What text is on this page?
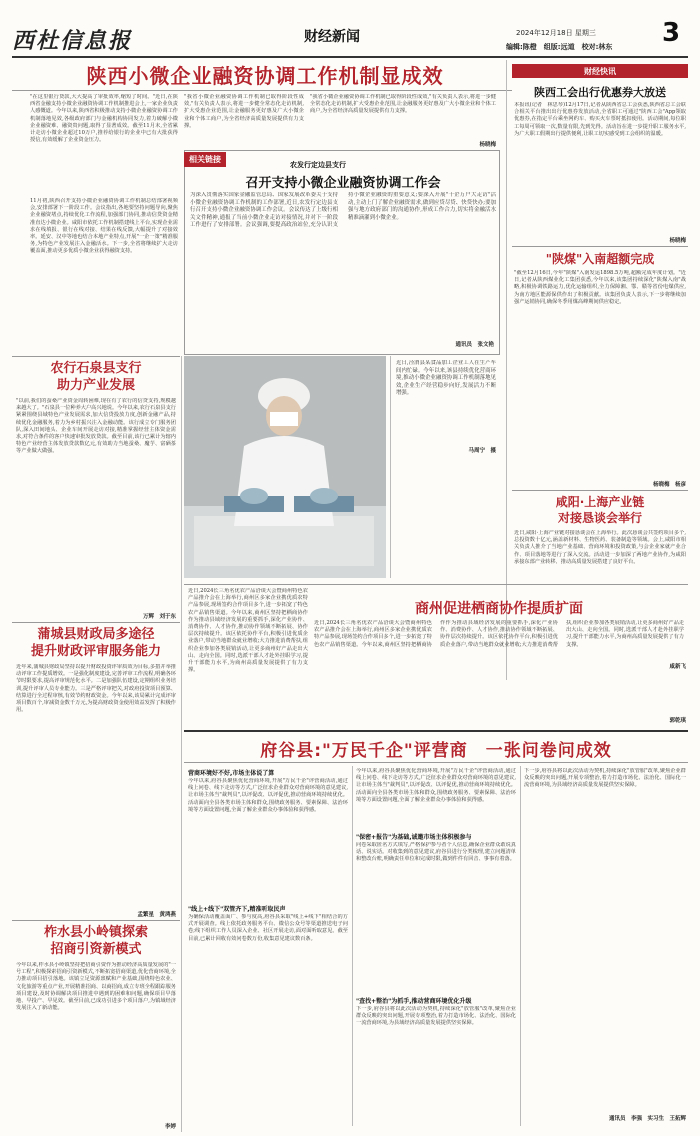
西杜信息报	财经新闻	2024年12月18日 星期三	3
编辑:陈橙　组版:远道　校对:林东
陕西小微企业融资协调工作机制显成效
"在这里银行贷款,大大提高了审批效率,缩短了时间。"近日,在陕西省金融支持小微企业融资协调工作机制推进会上,一家企业负责人感慨道。今年以来,陕西省积极推动支持小微企业融资协调工作机制落地见效,各级政府部门与金融机构协同发力,着力破解小微企业融资难、融资贵问题,取得了显著成效。截至11月末,全省累计走访小微企业超过10万户,推荐给银行的企业中已有大批获得授信,有效缓解了企业资金压力。
11月初,陕西召开支持小微企业融资协调工作机制总结部署视频会,安排部署下一阶段工作。会议指出,各地要坚持问题导向,聚焦企业融资堵点,持续优化工作流程,加强部门协同,推动信贷资金精准直达小微企业。咸阳市依托工作机制搭建线上平台,实现企业需求在线填报、银行在线对接、结果在线反馈,大幅提升了对接效率。延安、汉中等地也结合本地产业特点,开展"一企一策"精准服务,为特色产业发展注入金融活水。下一步,全省将继续扩大走访覆盖面,推动更多优质小微企业获得融资支持。
"我省小微企业融资协调工作机制已取得阶段性成效,"有关负责人表示,将进一步健全常态化走访机制,扩大受惠企业范围,让金融服务更好惠及广大小微企业和个体工商户,为全省经济高质量发展提供有力支撑。
"我省小微企业融资协调工作机制已取得阶段性成效,"有关负责人表示,将进一步健全常态化走访机制,扩大受惠企业范围,让金融服务更好惠及广大小微企业和个体工商户,为全省经济高质量发展提供有力支撑。
杨晓梅
相关链接
农发行定边县支行
召开支持小微企业融资协调工作会
为深入贯彻落实国家金融监管总局、国家发展改革委关于支持小微企业融资协调工作机制的工作部署,近日,农发行定边县支行召开支持小微企业融资协调工作会议。会议传达了上级行相关文件精神,通报了当前小微企业走访对接情况,并对下一阶段工作进行了安排部署。会议强调,要提高政治站位,充分认识支持小微企业融资的重要意义;要深入开展"千企万户大走访"活动,主动上门了解企业融资需求,做到应贷尽贷、快贷快办;要加强与地方政府部门的沟通协作,形成工作合力,切实将金融活水精准滴灌到小微企业。
通讯员　张文艳
近日,泾渭县某食品加工企业工人在生产车间内忙碌。今年以来,该县持续优化营商环境,推动小微企业融资协调工作机制落地见效,企业生产经营稳步向好,发展活力不断增强。
马周宁　摄
农行石泉县支行
助力产业发展
"以前,我们的蚕桑产业资金周转困难,现在有了农行的信贷支持,规模越来越大了。"石泉县一位种养大户高兴地说。今年以来,农行石泉县支行紧紧围绕县域特色产业发展需求,加大信贷投放力度,创新金融产品,持续优化金融服务,着力为乡村振兴注入金融动能。该行成立专门服务团队,深入田间地头、企业车间开展走访对接,精准掌握经营主体资金需求,对符合条件的客户快速审批发放贷款。截至目前,该行已累计为辖内特色产业经营主体发放贷款数亿元,有效助力当地蚕桑、魔芋、富硒茶等产业做大做强。
万辉　刘于东
蒲城县财政局多途径
提升财政评审服务能力
近年来,蒲城县财政局坚持以提升财政投资评审质效为目标,多措并举推动评审工作提质增效。一是强化制度建设,完善评审工作流程,明确各环节时限要求,提高评审规范化水平。二是加强队伍建设,定期组织业务培训,提升评审人员专业能力。三是严格评审把关,对政府投资项目预算、结算进行全过程审核,有效节约财政资金。今年以来,该局累计完成评审项目数百个,审减资金数千万元,为提高财政资金使用效益发挥了积极作用。
孟繁星　黄鸿燕
柞水县小岭镇探索
招商引资新模式
今年以来,柞水县小岭镇坚持把招商引资作为推动经济高质量发展的"一号工程",积极探索招商引资新模式,不断拓宽招商渠道,优化营商环境,全力推动项目招引落地。该镇立足资源禀赋和产业基础,围绕特色农业、文化旅游等重点产业,开展精准招商、以商招商,成立专班全程跟踪服务项目建设,及时协调解决项目推进中遇到的困难和问题,确保项目早落地、早投产、早见效。截至目前,已成功引进多个项目落户,为镇域经济发展注入了新动能。
李婷
财经快讯
陕西工会出行优惠券大放送
本报讯(记者　林思琴)12月17日,记者从陕西省总工会获悉,陕西省总工会联合相关平台推出出行优惠券发放活动,全省职工可通过"陕西工会"App领取优惠券,在指定平台乘坐网约车、购买火车票时抵扣使用。活动期间,每位职工每周可领取一次,数量有限,先到先得。活动旨在进一步提升职工服务水平,为广大职工假期出行提供便利,让职工切实感受到工会组织的温暖。
杨晓梅
"陕煤"入南超额完成
"截至12月16日,今年"陕煤"入南发运1898.5万吨,超额完成年度计划。"近日,记者从陕西煤业化工集团获悉,今年以来,该集团持续深化"陕煤入南"战略,积极协调铁路运力,优化运输组织,全力保障湘、鄂、赣等省份电煤供应,为南方地区能源保供作出了积极贡献。该集团负责人表示,下一步将继续加强产运销协同,确保冬季用煤高峰期间供应稳定。
杨晓梅　杨彦
咸阳·上海产业链
对接恳谈会举行
近日,咸阳·上海产业链对接恳谈会在上海举行。此次恳谈会共签约项目多个,总投资数十亿元,涵盖新材料、生物医药、装备制造等领域。会上,咸阳市相关负责人推介了当地产业基础、营商环境和投资政策,与会企业家就产业合作、项目落地等进行了深入交流。活动进一步加深了两地产业协作,为咸阳承接东部产业转移、推动高质量发展搭建了良好平台。
咸新飞
近日,2024长三角名优农产品洽谈大会暨商州特色农产品推介会在上海举行,商州区多家企业携优质农特产品参展,现场签约合作项目多个,进一步拓宽了特色农产品销售渠道。今年以来,商州区坚持把栖商协作作为推动县域经济发展的重要抓手,深化产业协作、消费协作、人才协作,推动协作领域不断拓展、协作层次持续提升。该区依托协作平台,积极引进优质企业落户,带动当地群众就业增收;大力推进消费帮扶,组织企业参加各类展销活动,让更多商州好产品走出大山、走向全国。同时,选派干部人才赴外挂职学习,提升干部能力水平,为商州高质量发展提供了有力支撑。
商州促进栖商协作提质扩面
近日,2024长三角名优农产品洽谈大会暨商州特色农产品推介会在上海举行,商州区多家企业携优质农特产品参展,现场签约合作项目多个,进一步拓宽了特色农产品销售渠道。今年以来,商州区坚持把栖商协作作为推动县域经济发展的重要抓手,深化产业协作、消费协作、人才协作,推动协作领域不断拓展、协作层次持续提升。该区依托协作平台,积极引进优质企业落户,带动当地群众就业增收;大力推进消费帮扶,组织企业参加各类展销活动,让更多商州好产品走出大山、走向全国。同时,选派干部人才赴外挂职学习,提升干部能力水平,为商州高质量发展提供了有力支撑。
郭乾琪
府谷县:"万民千企"评营商　一张问卷问成效
营商环境好不好,市场主体说了算
今年以来,府谷县聚焦优化营商环境,开展"万民千企"评营商活动,通过线上问卷、线下走访等方式,广泛征求企业群众对营商环境的意见建议,让市场主体当"裁判员",以评促改、以评促优,推动营商环境持续优化。活动面向全县各类市场主体和群众,围绕政务服务、要素保障、法治环境等方面设置问题,全面了解企业群众办事体验和获得感。
"线上+线下"双管齐下,精准听取民声
为确保活动覆盖面广、参与度高,府谷县采取"线上+线下"相结合的方式开展调查。线上依托政务服务平台、微信公众号等渠道推送电子问卷;线下组织工作人员深入企业、社区开展走访,面对面听取意见。截至目前,已累计回收有效问卷数万份,收集意见建议数百条。
今年以来,府谷县聚焦优化营商环境,开展"万民千企"评营商活动,通过线上问卷、线下走访等方式,广泛征求企业群众对营商环境的意见建议,让市场主体当"裁判员",以评促改、以评促优,推动营商环境持续优化。活动面向全县各类市场主体和群众,围绕政务服务、要素保障、法治环境等方面设置问题,全面了解企业群众办事体验和获得感。
"保密+报告"为基础,诚邀市场主体积极参与
问卷采取匿名方式填写,严格保护参与者个人信息,确保企业群众敢说真话、说实话。对收集到的意见建议,府谷县进行分类梳理,建立问题清单和整改台账,明确责任单位和完成时限,做到件件有回音、事事有着落。
"查找+整治"为抓手,推动营商环境优化升级
下一步,府谷县将以此次活动为契机,持续深化"放管服"改革,聚焦企业群众反映的突出问题,开展专项整治,着力打造市场化、法治化、国际化一流营商环境,为县域经济高质量发展提供坚实保障。
下一步,府谷县将以此次活动为契机,持续深化"放管服"改革,聚焦企业群众反映的突出问题,开展专项整治,着力打造市场化、法治化、国际化一流营商环境,为县域经济高质量发展提供坚实保障。
通讯员　李强　实习生　王拓辉
